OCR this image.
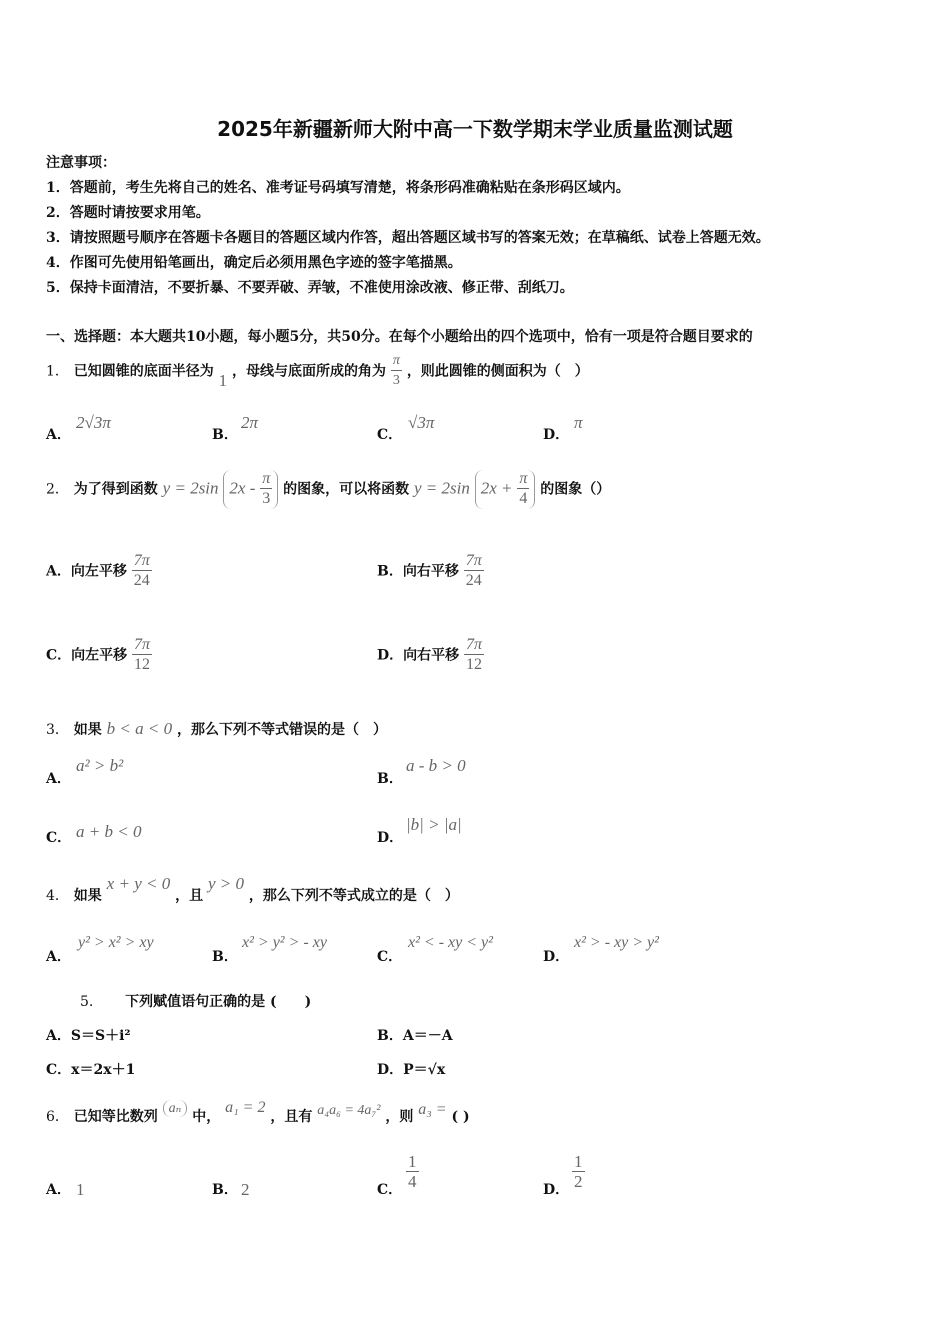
2025年新疆新师大附中高一下数学期末学业质量监测试题
注意事项：
1．答题前，考生先将自己的姓名、准考证号码填写清楚，将条形码准确粘贴在条形码区域内。
2．答题时请按要求用笔。
3．请按照题号顺序在答题卡各题目的答题区域内作答，超出答题区域书写的答案无效；在草稿纸、试卷上答题无效。
4．作图可先使用铅笔画出，确定后必须用黑色字迹的签字笔描黑。
5．保持卡面清洁，不要折暴、不要弄破、弄皱，不准使用涂改液、修正带、刮纸刀。
一、选择题：本大题共10小题，每小题5分，共50分。在每个小题给出的四个选项中，恰有一项是符合题目要求的
1． 已知圆锥的底面半径为 1 ，母线与底面所成的角为 $\frac{\pi}{3}$ ，则此圆锥的侧面积为（　）
A．
2√3π
B．
2π
C．
√3π
D．
π
2． 为了得到函数 y = 2sin $2x - \frac{\pi}{3}$ 的图象，可以将函数 y = 2sin $2x + \frac{\pi}{4}$ 的图象（）
A．向左平移 $\frac{7\pi}{24}$	B．向右平移 $\frac{7\pi}{24}$
C．向左平移 $\frac{7\pi}{12}$	D．向右平移 $\frac{7\pi}{12}$
3． 如果 b < a < 0 ，那么下列不等式错误的是（　）
A．
a² > b²
B．
a - b > 0
C． a + b < 0	D．
|b| > |a|
4． 如果 x + y < 0 ，且 y > 0 ，那么下列不等式成立的是（　）
A．
y² > x² > xy
B．
x² > y² > - xy
C．
x² < - xy < y²
D．
x² > - xy > y²
5. 下列赋值语句正确的是 (　　)
A．S＝S＋i²	B．A＝－A
C．x＝2x＋1	D．P＝√x
6． 已知等比数列 aₙ 中， a₁ = 2 ，且有 a₄a₆ = 4a₇² ，则 a₃ = ( )
A． 1	B． 2	C． $\frac{1}{4}$	D． $\frac{1}{2}$
